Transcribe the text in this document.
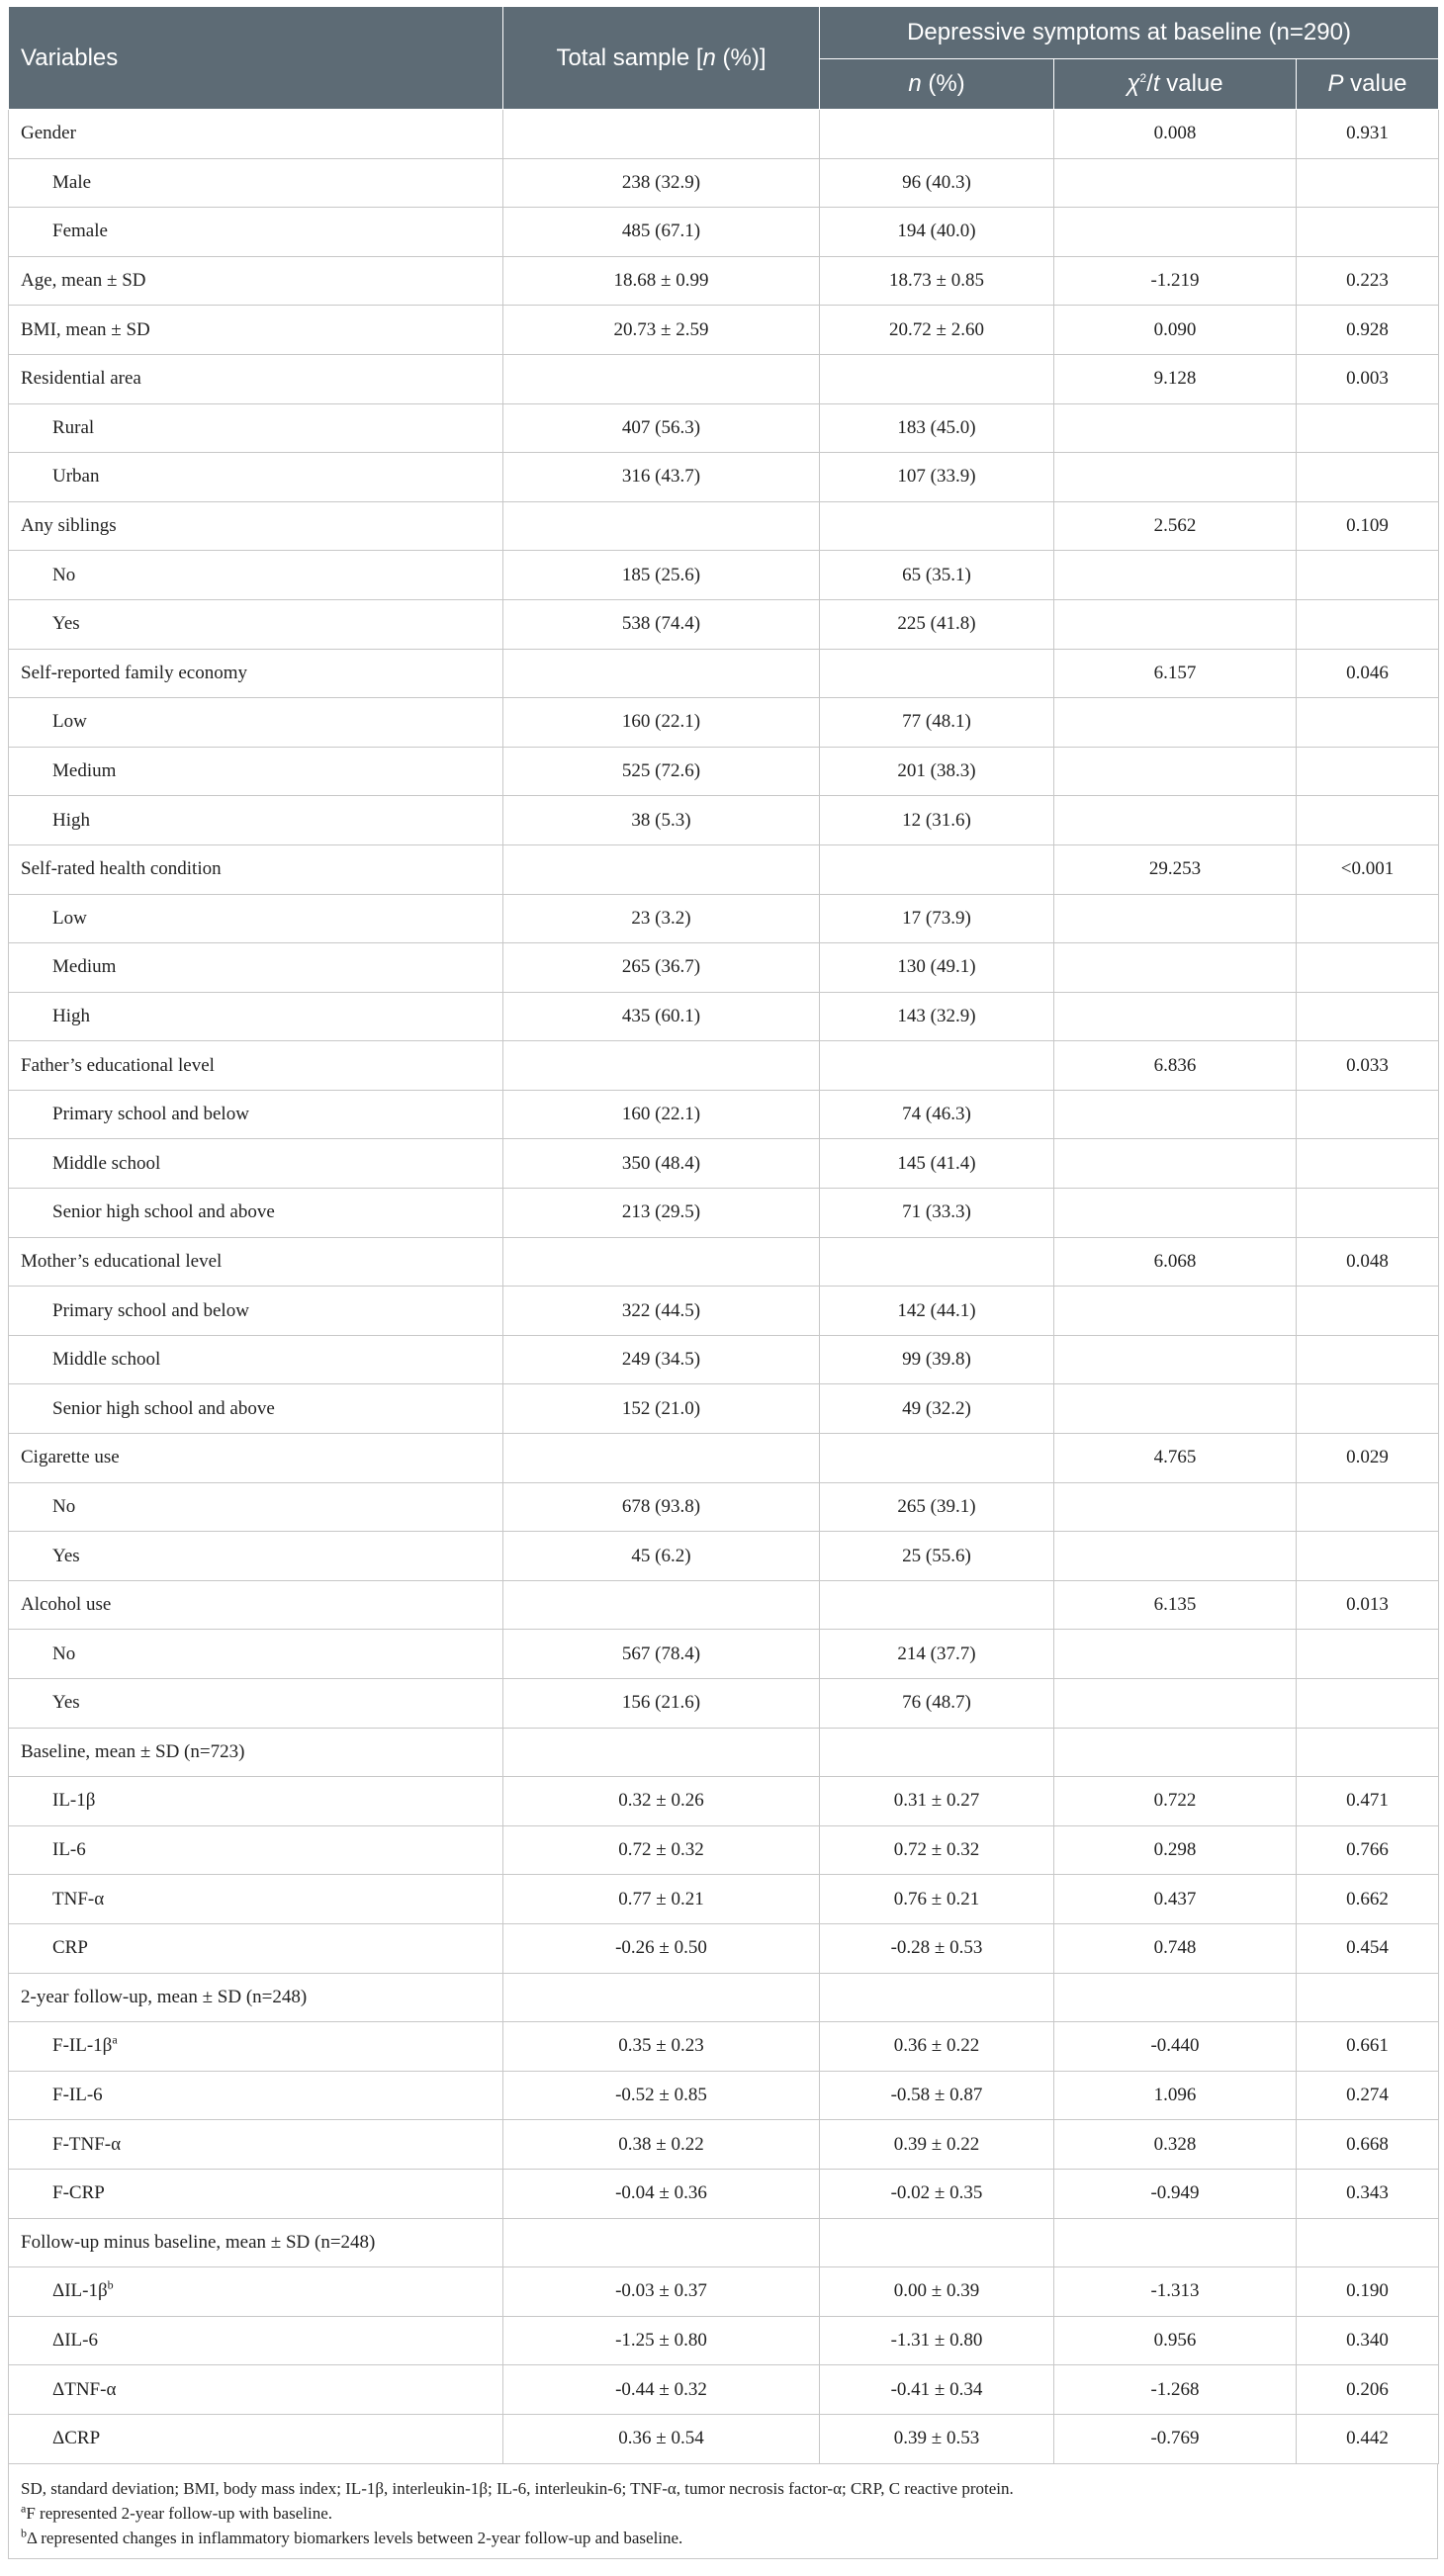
Variables	Total sample [n (%)]	Depressive symptoms at baseline (n=290)		
		n (%)	$\chi^2/t$ value	P value
Gender			0.008	0.931
Male	238 (32.9)	96 (40.3)		
Female	485 (67.1)	194 (40.0)		
Age, mean ± SD	18.68 ± 0.99	18.73 ± 0.85	-1.219	0.223
BMI, mean ± SD	20.73 ± 2.59	20.72 ± 2.60	0.090	0.928
Residential area			9.128	0.003
Rural	407 (56.3)	183 (45.0)		
Urban	316 (43.7)	107 (33.9)		
Any siblings			2.562	0.109
No	185 (25.6)	65 (35.1)		
Yes	538 (74.4)	225 (41.8)		
Self-reported family economy			6.157	0.046
Low	160 (22.1)	77 (48.1)		
Medium	525 (72.6)	201 (38.3)		
High	38 (5.3)	12 (31.6)		
Self-rated health condition			29.253	<0.001
Low	23 (3.2)	17 (73.9)		
Medium	265 (36.7)	130 (49.1)		
High	435 (60.1)	143 (32.9)		
Father’s educational level			6.836	0.033
Primary school and below	160 (22.1)	74 (46.3)		
Middle school	350 (48.4)	145 (41.4)		
Senior high school and above	213 (29.5)	71 (33.3)		
Mother’s educational level			6.068	0.048
Primary school and below	322 (44.5)	142 (44.1)		
Middle school	249 (34.5)	99 (39.8)		
Senior high school and above	152 (21.0)	49 (32.2)		
Cigarette use			4.765	0.029
No	678 (93.8)	265 (39.1)		
Yes	45 (6.2)	25 (55.6)		
Alcohol use			6.135	0.013
No	567 (78.4)	214 (37.7)		
Yes	156 (21.6)	76 (48.7)		
Baseline, mean ± SD (n=723)				
IL-1β	0.32 ± 0.26	0.31 ± 0.27	0.722	0.471
IL-6	0.72 ± 0.32	0.72 ± 0.32	0.298	0.766
TNF-α	0.77 ± 0.21	0.76 ± 0.21	0.437	0.662
CRP	-0.26 ± 0.50	-0.28 ± 0.53	0.748	0.454
2-year follow-up, mean ± SD (n=248)				
$F-IL-1\beta^a$	0.35 ± 0.23	0.36 ± 0.22	-0.440	0.661
F-IL-6	-0.52 ± 0.85	-0.58 ± 0.87	1.096	0.274
F-TNF-α	0.38 ± 0.22	0.39 ± 0.22	0.328	0.668
F-CRP	-0.04 ± 0.36	-0.02 ± 0.35	-0.949	0.343
Follow-up minus baseline, mean ± SD (n=248)				
ΔIL-$1\beta^b$	-0.03 ± 0.37	0.00 ± 0.39	-1.313	0.190
ΔIL-6	-1.25 ± 0.80	-1.31 ± 0.80	0.956	0.340
ΔTNF-α	-0.44 ± 0.32	-0.41 ± 0.34	-1.268	0.206
ΔCRP	0.36 ± 0.54	0.39 ± 0.53	-0.769	0.442

SD, standard deviation; BMI, body mass index; IL-1β, interleukin-1β; IL-6, interleukin-6; TNF-α, tumor necrosis factor-α; CRP, C reactive protein.

$^a$F represented 2-year follow-up with baseline.

$^b$Δ represented changes in inflammatory biomarkers levels between 2-year follow-up and baseline.
